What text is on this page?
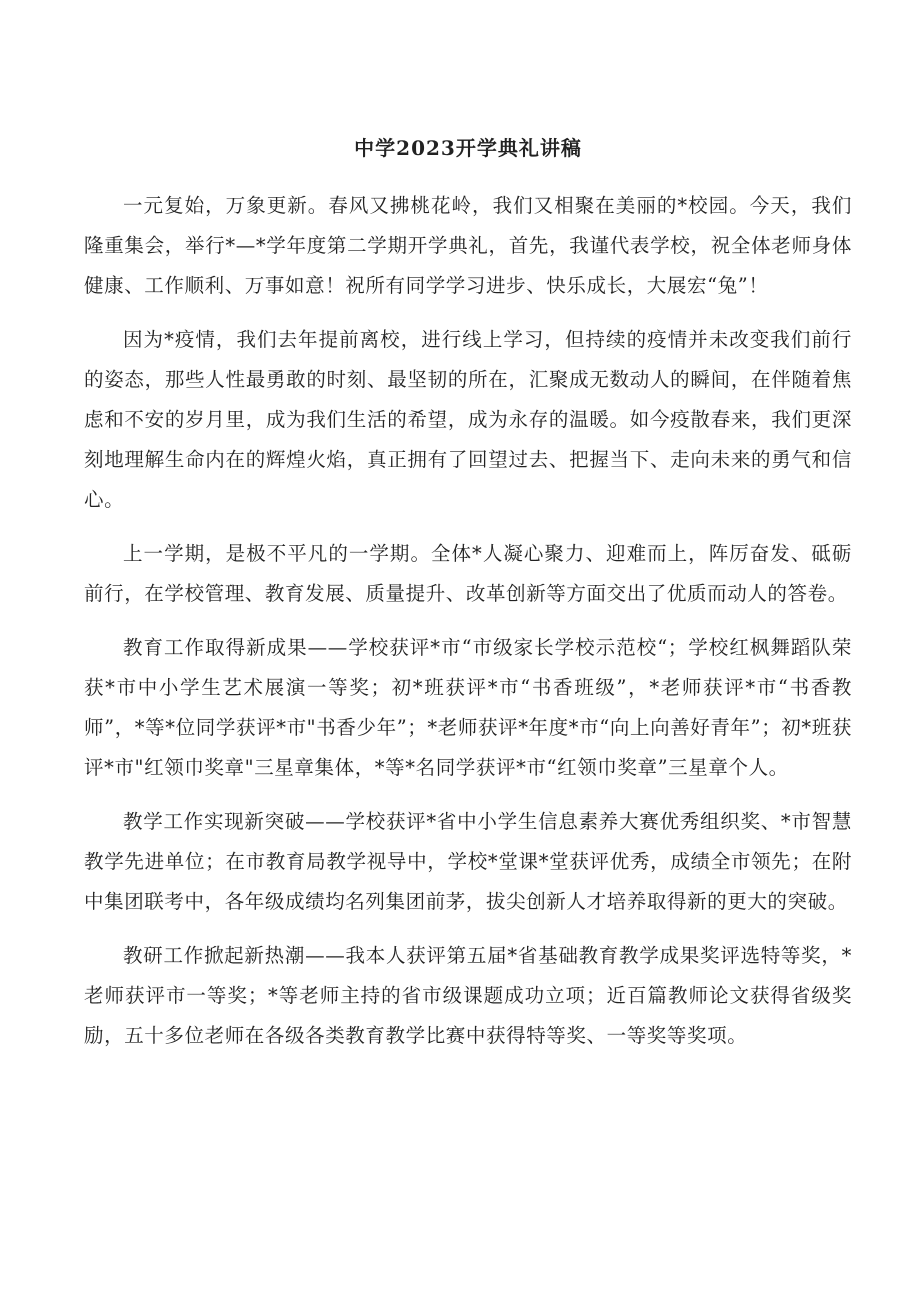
中学2023开学典礼讲稿

一元复始，万象更新。春风又拂桃花岭，我们又相聚在美丽的*校园。今天，我们隆重集会，举行*—*学年度第二学期开学典礼，首先，我谨代表学校，祝全体老师身体健康、工作顺利、万事如意！祝所有同学学习进步、快乐成长，大展宏“兔”！

因为*疫情，我们去年提前离校，进行线上学习，但持续的疫情并未改变我们前行的姿态，那些人性最勇敢的时刻、最坚韧的所在，汇聚成无数动人的瞬间，在伴随着焦虑和不安的岁月里，成为我们生活的希望，成为永存的温暖。如今疫散春来，我们更深刻地理解生命内在的辉煌火焰，真正拥有了回望过去、把握当下、走向未来的勇气和信心。

上一学期，是极不平凡的一学期。全体*人凝心聚力、迎难而上，阵厉奋发、砥砺前行，在学校管理、教育发展、质量提升、改革创新等方面交出了优质而动人的答卷。

教育工作取得新成果——学校获评*市“市级家长学校示范校“；学校红枫舞蹈队荣获*市中小学生艺术展演一等奖；初*班获评*市“书香班级”，*老师获评*市“书香教师”，*等*位同学获评*市"书香少年”；*老师获评*年度*市“向上向善好青年”；初*班获评*市"红领巾奖章"三星章集体，*等*名同学获评*市“红领巾奖章”三星章个人。

教学工作实现新突破——学校获评*省中小学生信息素养大赛优秀组织奖、*市智慧教学先进单位；在市教育局教学视导中，学校*堂课*堂获评优秀，成绩全市领先；在附中集团联考中，各年级成绩均名列集团前茅，拔尖创新人才培养取得新的更大的突破。

教研工作掀起新热潮——我本人获评第五届*省基础教育教学成果奖评选特等奖，*老师获评市一等奖；*等老师主持的省市级课题成功立项；近百篇教师论文获得省级奖励，五十多位老师在各级各类教育教学比赛中获得特等奖、一等奖等奖项。
